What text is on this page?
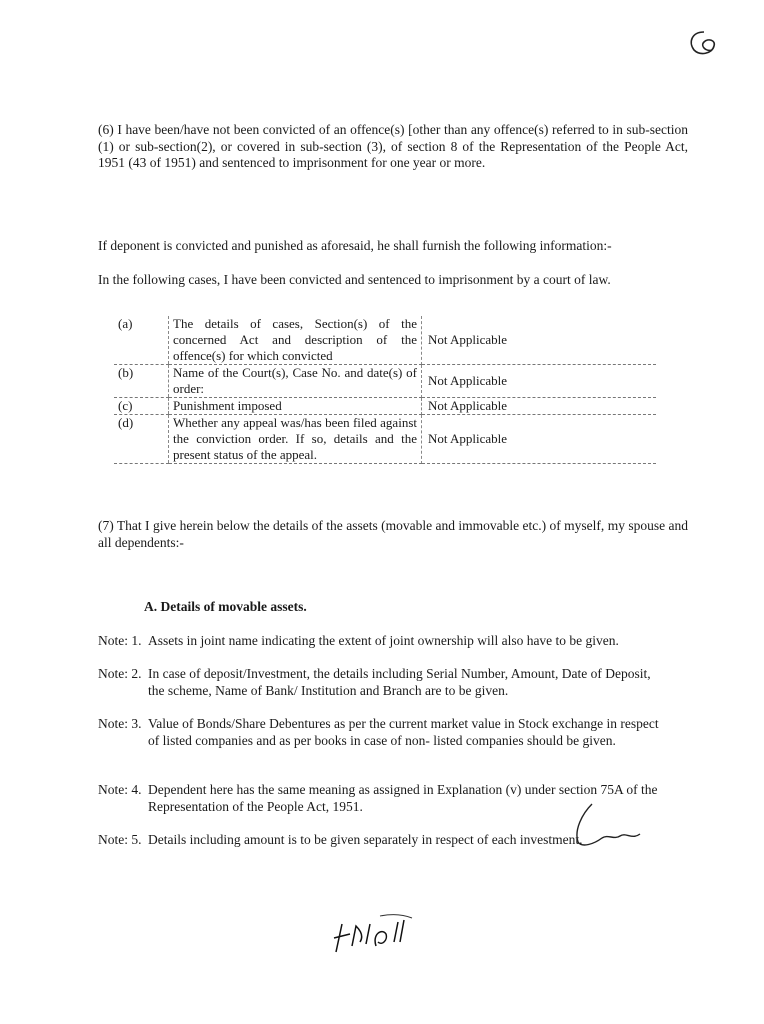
(6) I have been/have not been convicted of an offence(s) [other than any offence(s) referred to in sub-section (1) or sub-section(2), or covered in sub-section (3), of section 8 of the Representation of the People Act, 1951 (43 of 1951) and sentenced to imprisonment for one year or more.
If deponent is convicted and punished as aforesaid, he shall furnish the following information:-
In the following cases, I have been convicted and sentenced to imprisonment by a court of law.
(a)	The details of cases, Section(s) of the concerned Act and description of the offence(s) for which convicted	Not Applicable
(b)	Name of the Court(s), Case No. and date(s) of order:	Not Applicable
(c)	Punishment imposed	Not Applicable
(d)	Whether any appeal was/has been filed against the conviction order. If so, details and the present status of the appeal.	Not Applicable
(7) That I give herein below the details of the assets (movable and immovable etc.) of myself, my spouse and all dependents:-
A. Details of movable assets.
Note: 1. Assets in joint name indicating the extent of joint ownership will also have to be given.
Note: 2. In case of deposit/Investment, the details including Serial Number, Amount, Date of Deposit, the scheme, Name of Bank/ Institution and Branch are to be given.
Note: 3. Value of Bonds/Share Debentures as per the current market value in Stock exchange in respect of listed companies and as per books in case of non- listed companies should be given.
Note: 4. Dependent here has the same meaning as assigned in Explanation (v) under section 75A of the Representation of the People Act, 1951.
Note: 5. Details including amount is to be given separately in respect of each investment.
